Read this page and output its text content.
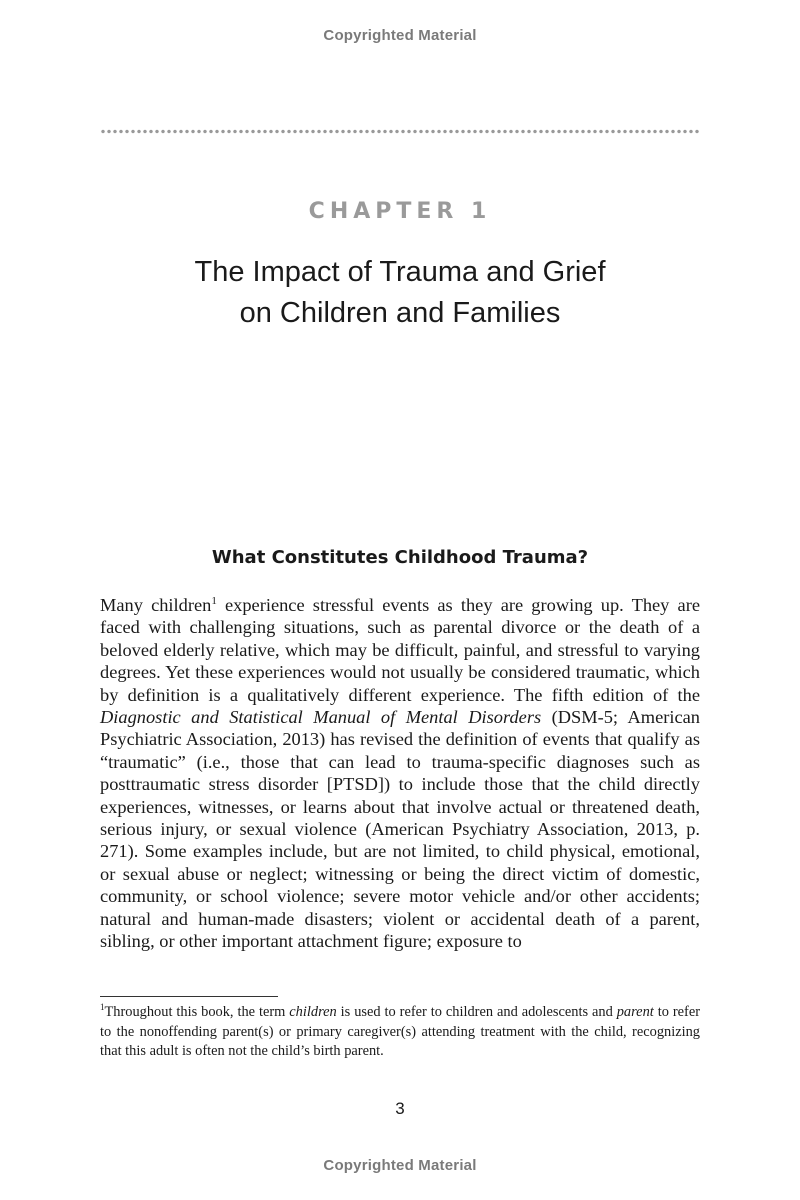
Copyrighted Material
CHAPTER 1
The Impact of Trauma and Grief
on Children and Families
What Constitutes Childhood Trauma?

Many children$^1$ experience stressful events as they are growing up. They are faced with challenging situations, such as parental divorce or the death of a beloved elderly relative, which may be difficult, painful, and stressful to varying degrees. Yet these experiences would not usually be considered traumatic, which by definition is a qualitatively different experience. The fifth edition of the Diagnostic and Statistical Manual of Mental Disorders (DSM-5; American Psychiatric Association, 2013) has revised the definition of events that qualify as “traumatic” (i.e., those that can lead to trauma-specific diagnoses such as posttraumatic stress disorder [PTSD]) to include those that the child directly experiences, witnesses, or learns about that involve actual or threatened death, serious injury, or sexual violence (American Psychiatry Association, 2013, p. 271). Some examples include, but are not limited, to child physical, emotional, or sexual abuse or neglect; witnessing or being the direct victim of domestic, community, or school violence; severe motor vehicle and/or other accidents; natural and human-made disasters; violent or accidental death of a parent, sibling, or other important attachment figure; exposure to

$^1$Throughout this book, the term children is used to refer to children and adolescents and parent to refer to the nonoffending parent(s) or primary caregiver(s) attending treatment with the child, recognizing that this adult is often not the child’s birth parent.

3
Copyrighted Material
